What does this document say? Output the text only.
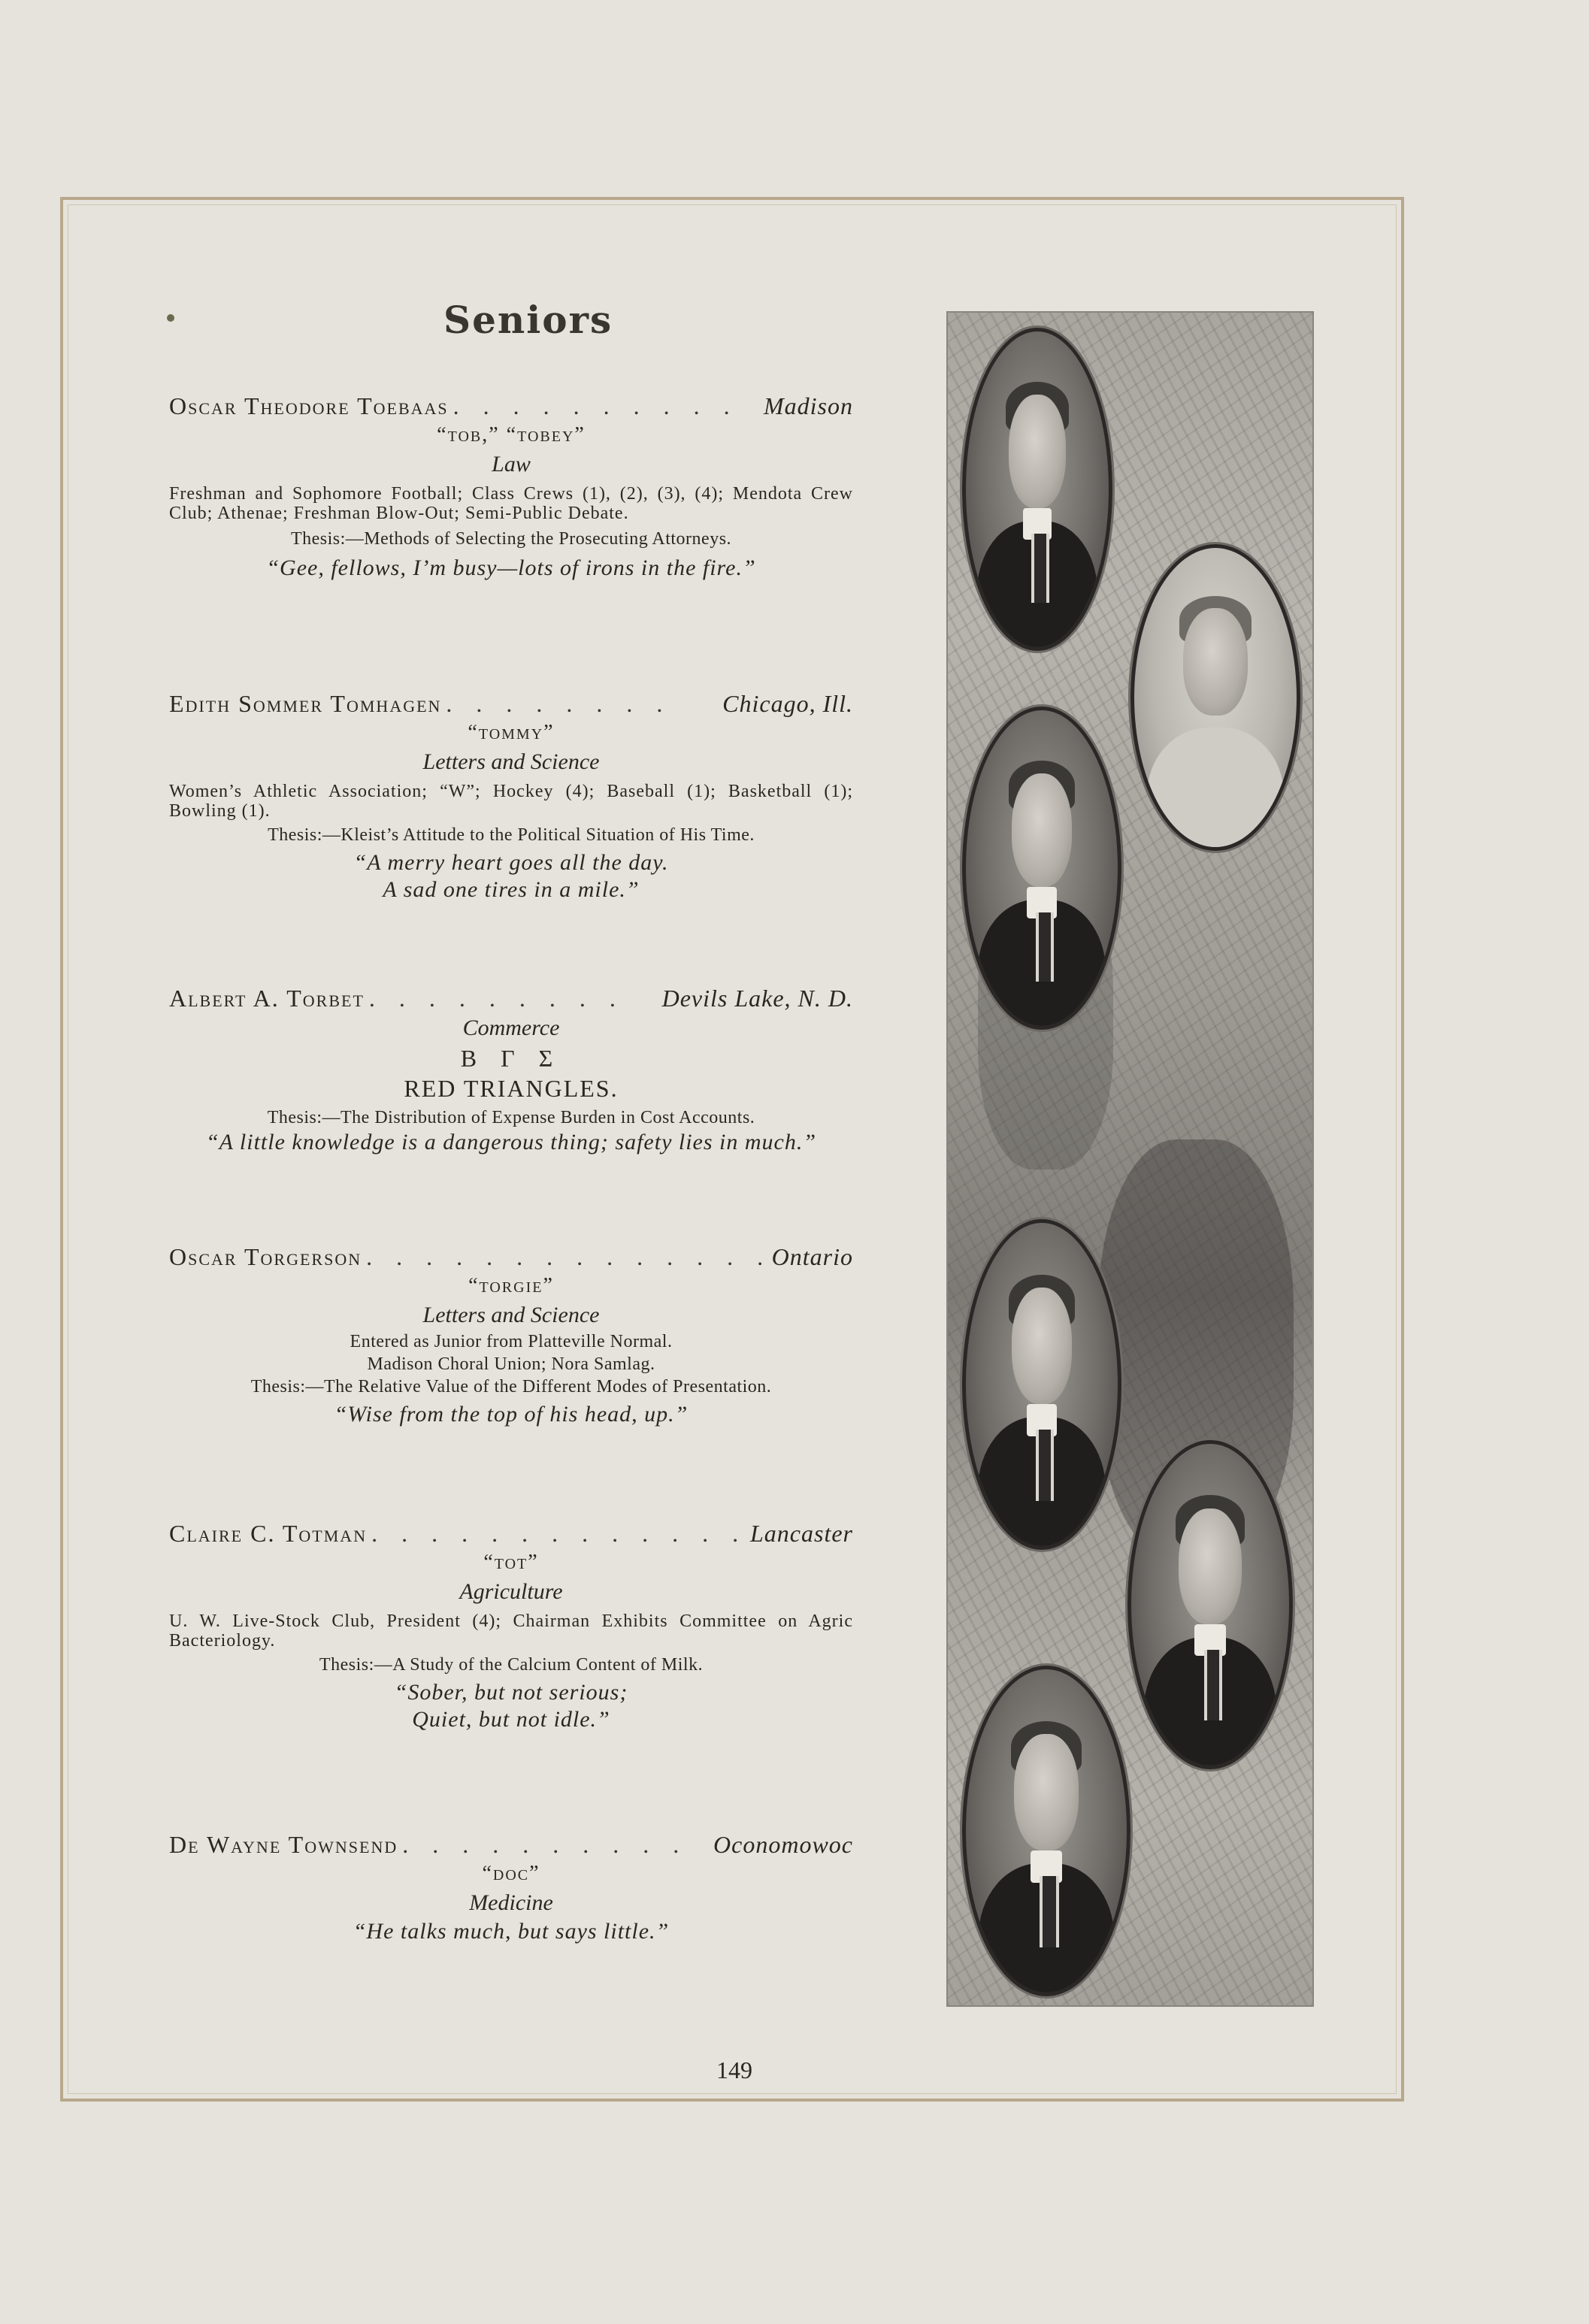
Seniors
Oscar Theodore Toebaas . . . . . . . . . .	Madison
“tob,” “tobey”
Law
Freshman and Sophomore Football; Class Crews (1), (2), (3), (4); Mendota Crew Club; Athenae; Freshman Blow-Out; Semi-Public Debate.
Thesis:—Methods of Selecting the Prosecuting Attorneys.
“Gee, fellows, I’m busy—lots of irons in the fire.”
Edith Sommer Tomhagen . . . . . . . .	Chicago, Ill.
“tommy”
Letters and Science
Women’s Athletic Association; “W”; Hockey (4); Baseball (1); Basketball (1); Bowling (1).
Thesis:—Kleist’s Attitude to the Political Situation of His Time.
“A merry heart goes all the day.
A sad one tires in a mile.”
Albert A. Torbet . . . . . . . . .	Devils Lake, N. D.
Commerce
Β Γ Σ
RED TRIANGLES.
Thesis:—The Distribution of Expense Burden in Cost Accounts.
“A little knowledge is a dangerous thing; safety lies in much.”
Oscar Torgerson . . . . . . . . . . . . . . Ontario
“torgie”
Letters and Science
Entered as Junior from Platteville Normal.
Madison Choral Union; Nora Samlag.
Thesis:—The Relative Value of the Different Modes of Presentation.
“Wise from the top of his head, up.”
Claire C. Totman . . . . . . . . . . . . . Lancaster
“tot”
Agriculture
U. W. Live-Stock Club, President (4); Chairman Exhibits Committee on Agric Bacteriology.
Thesis:—A Study of the Calcium Content of Milk.
“Sober, but not serious;
Quiet, but not idle.”
De Wayne Townsend . . . . . . . . . .	Oconomowoc
“doc”
Medicine
“He talks much, but says little.”
149
